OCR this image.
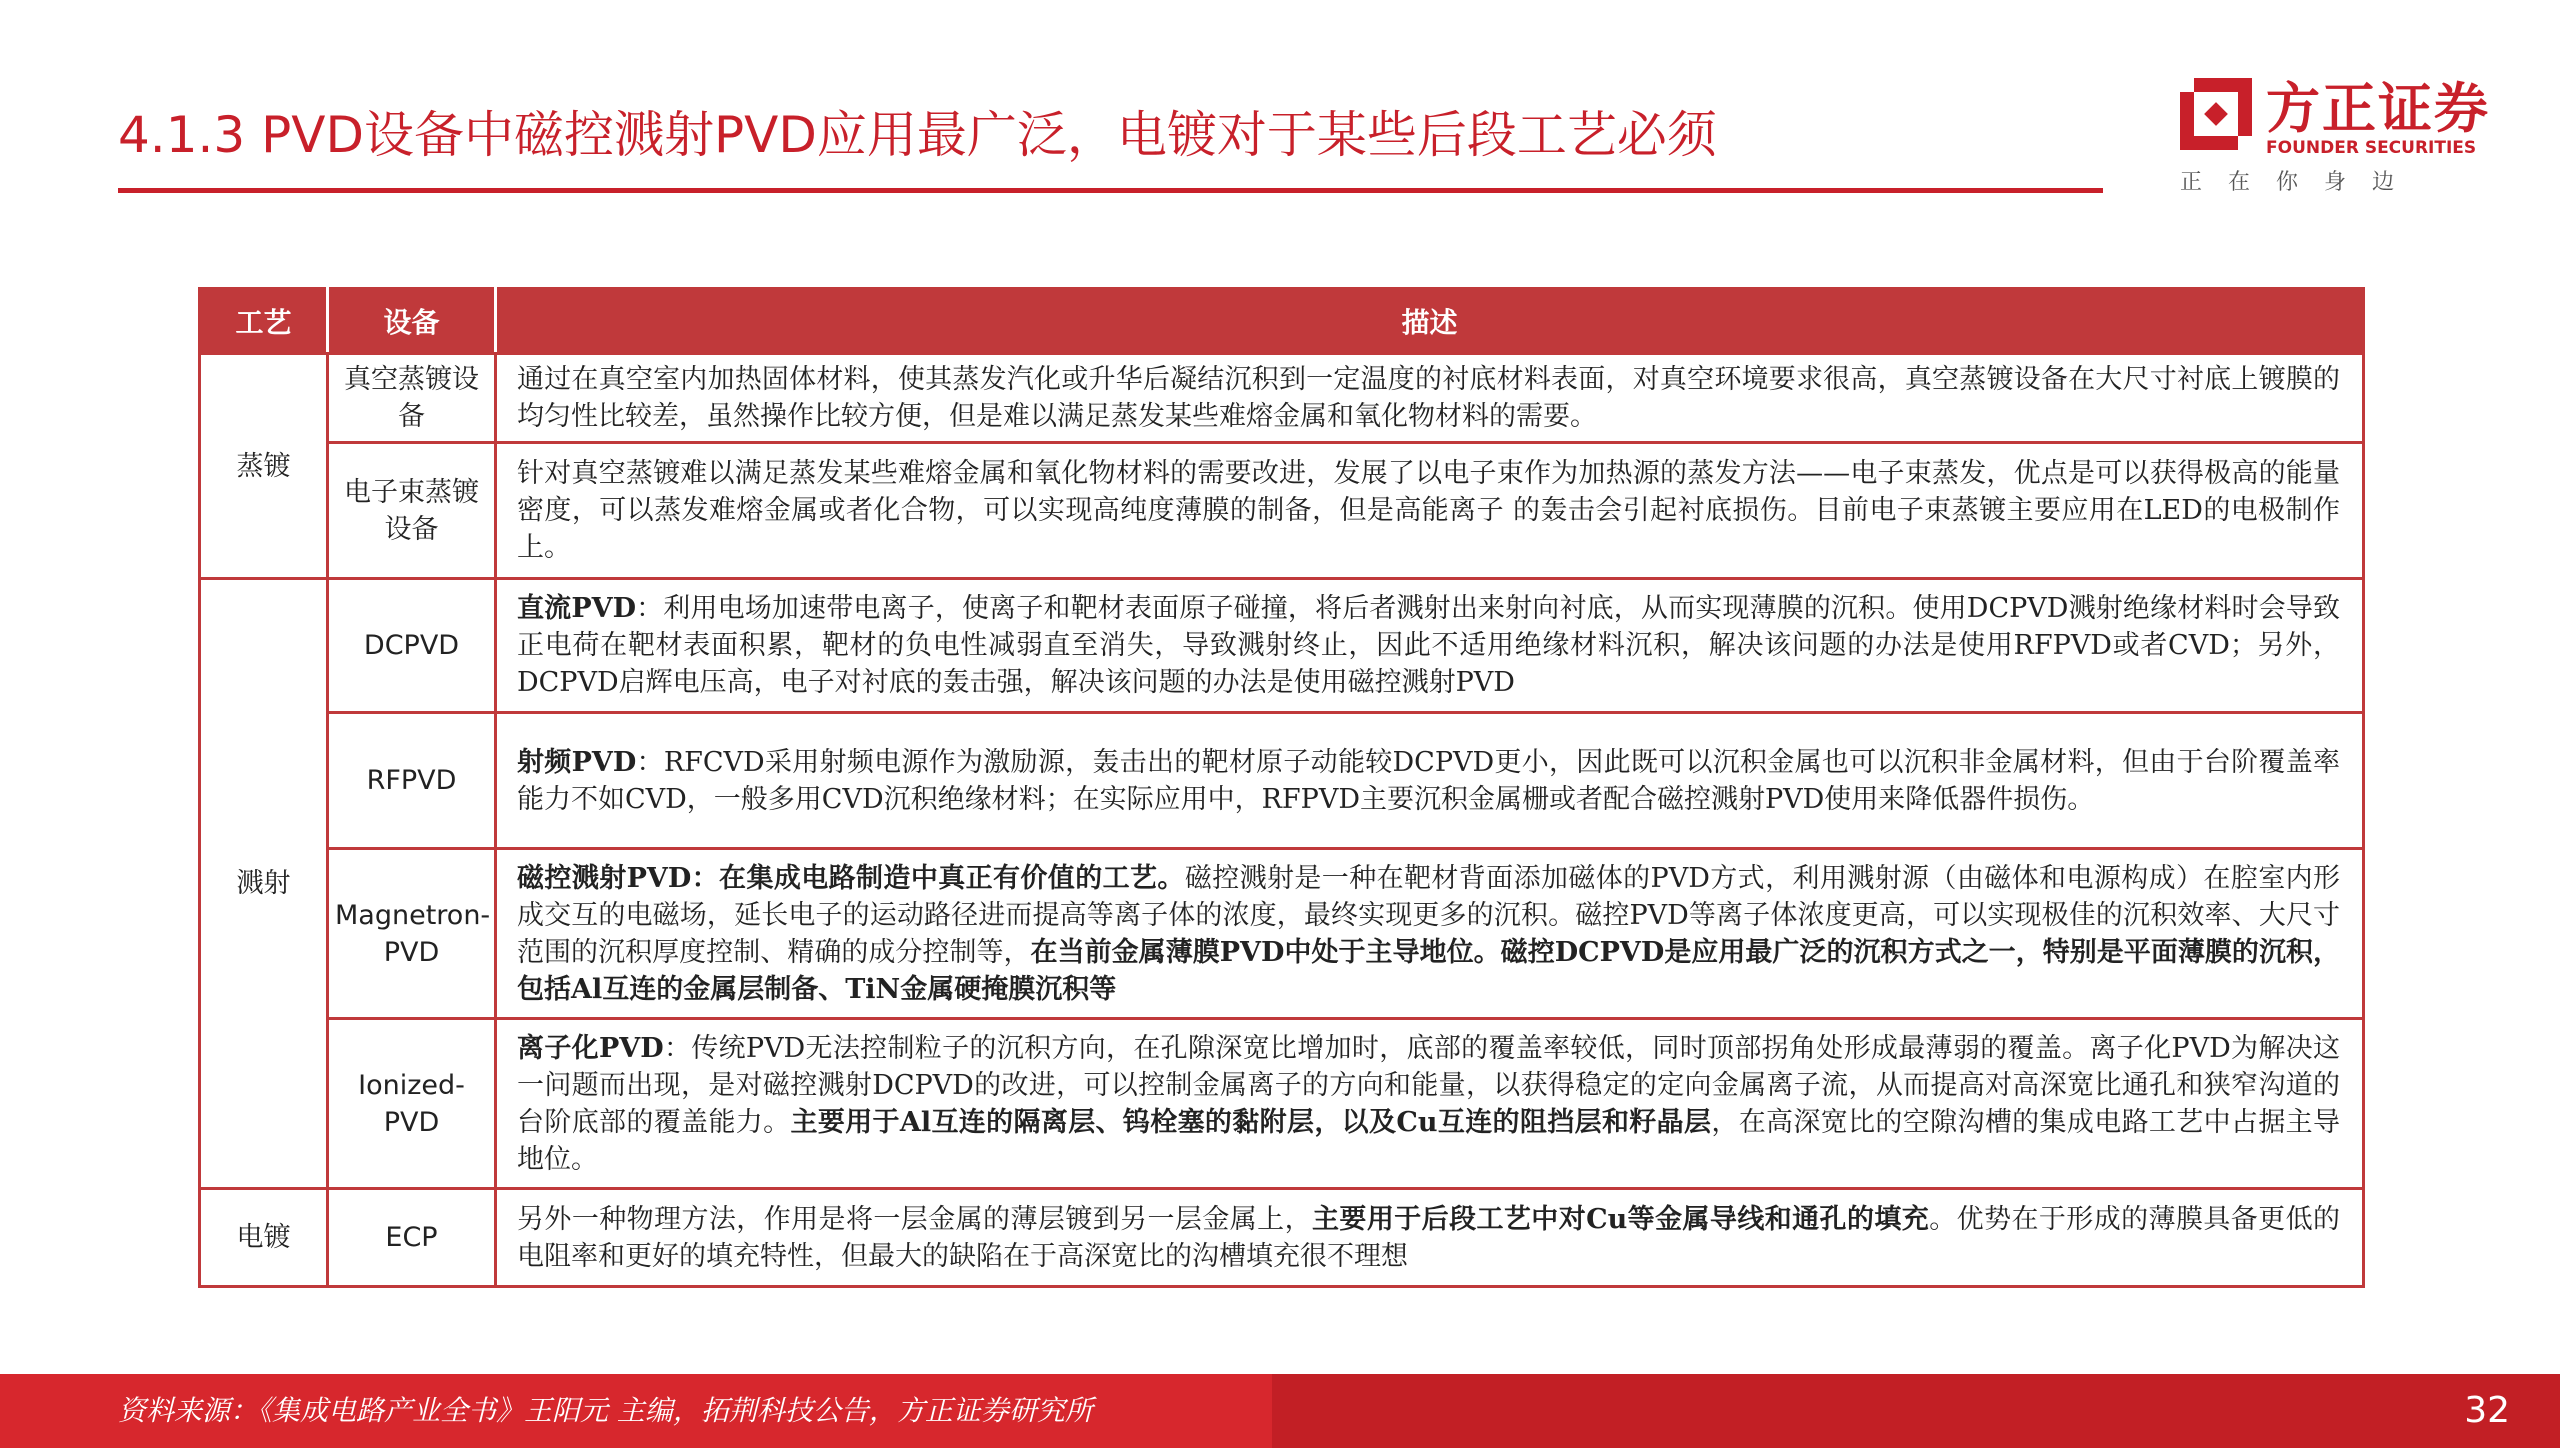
4.1.3 PVD设备中磁控溅射PVD应用最广泛，电镀对于某些后段工艺必须	方正证券
FOUNDER SECURITIES
正在你身边
工艺	设备	描述
蒸镀	真空蒸镀设备	通过在真空室内加热固体材料，使其蒸发汽化或升华后凝结沉积到一定温度的衬底材料表面，对真空环境要求很高，真空蒸镀设备在大尺寸衬底上镀膜的均匀性比较差，虽然操作比较方便，但是难以满足蒸发某些难熔金属和氧化物材料的需要。
	电子束蒸镀设备	针对真空蒸镀难以满足蒸发某些难熔金属和氧化物材料的需要改进，发展了以电子束作为加热源的蒸发方法——电子束蒸发，优点是可以获得极高的能量密度，可以蒸发难熔金属或者化合物，可以实现高纯度薄膜的制备，但是高能离子 的轰击会引起衬底损伤。目前电子束蒸镀主要应用在LED的电极制作上。
溅射	DCPVD	直流PVD：利用电场加速带电离子，使离子和靶材表面原子碰撞，将后者溅射出来射向衬底，从而实现薄膜的沉积。使用DCPVD溅射绝缘材料时会导致正电荷在靶材表面积累，靶材的负电性减弱直至消失，导致溅射终止，因此不适用绝缘材料沉积，解决该问题的办法是使用RFPVD或者CVD；另外，DCPVD启辉电压高，电子对衬底的轰击强，解决该问题的办法是使用磁控溅射PVD
	RFPVD	射频PVD：RFCVD采用射频电源作为激励源，轰击出的靶材原子动能较DCPVD更小，因此既可以沉积金属也可以沉积非金属材料，但由于台阶覆盖率能力不如CVD，一般多用CVD沉积绝缘材料；在实际应用中，RFPVD主要沉积金属栅或者配合磁控溅射PVD使用来降低器件损伤。
	Magnetron-PVD	磁控溅射PVD：在集成电路制造中真正有价值的工艺。磁控溅射是一种在靶材背面添加磁体的PVD方式，利用溅射源（由磁体和电源构成）在腔室内形成交互的电磁场，延长电子的运动路径进而提高等离子体的浓度，最终实现更多的沉积。磁控PVD等离子体浓度更高，可以实现极佳的沉积效率、大尺寸范围的沉积厚度控制、精确的成分控制等，在当前金属薄膜PVD中处于主导地位。磁控DCPVD是应用最广泛的沉积方式之一，特别是平面薄膜的沉积，包括Al互连的金属层制备、TiN金属硬掩膜沉积等
	Ionized-PVD	离子化PVD：传统PVD无法控制粒子的沉积方向，在孔隙深宽比增加时，底部的覆盖率较低，同时顶部拐角处形成最薄弱的覆盖。离子化PVD为解决这一问题而出现，是对磁控溅射DCPVD的改进，可以控制金属离子的方向和能量，以获得稳定的定向金属离子流，从而提高对高深宽比通孔和狭窄沟道的台阶底部的覆盖能力。主要用于Al互连的隔离层、钨栓塞的黏附层，以及Cu互连的阻挡层和籽晶层，在高深宽比的空隙沟槽的集成电路工艺中占据主导地位。
电镀	ECP	另外一种物理方法，作用是将一层金属的薄层镀到另一层金属上，主要用于后段工艺中对Cu等金属导线和通孔的填充。优势在于形成的薄膜具备更低的电阻率和更好的填充特性，但最大的缺陷在于高深宽比的沟槽填充很不理想
资料来源：《集成电路产业全书》王阳元 主编，拓荆科技公告，方正证券研究所	32
